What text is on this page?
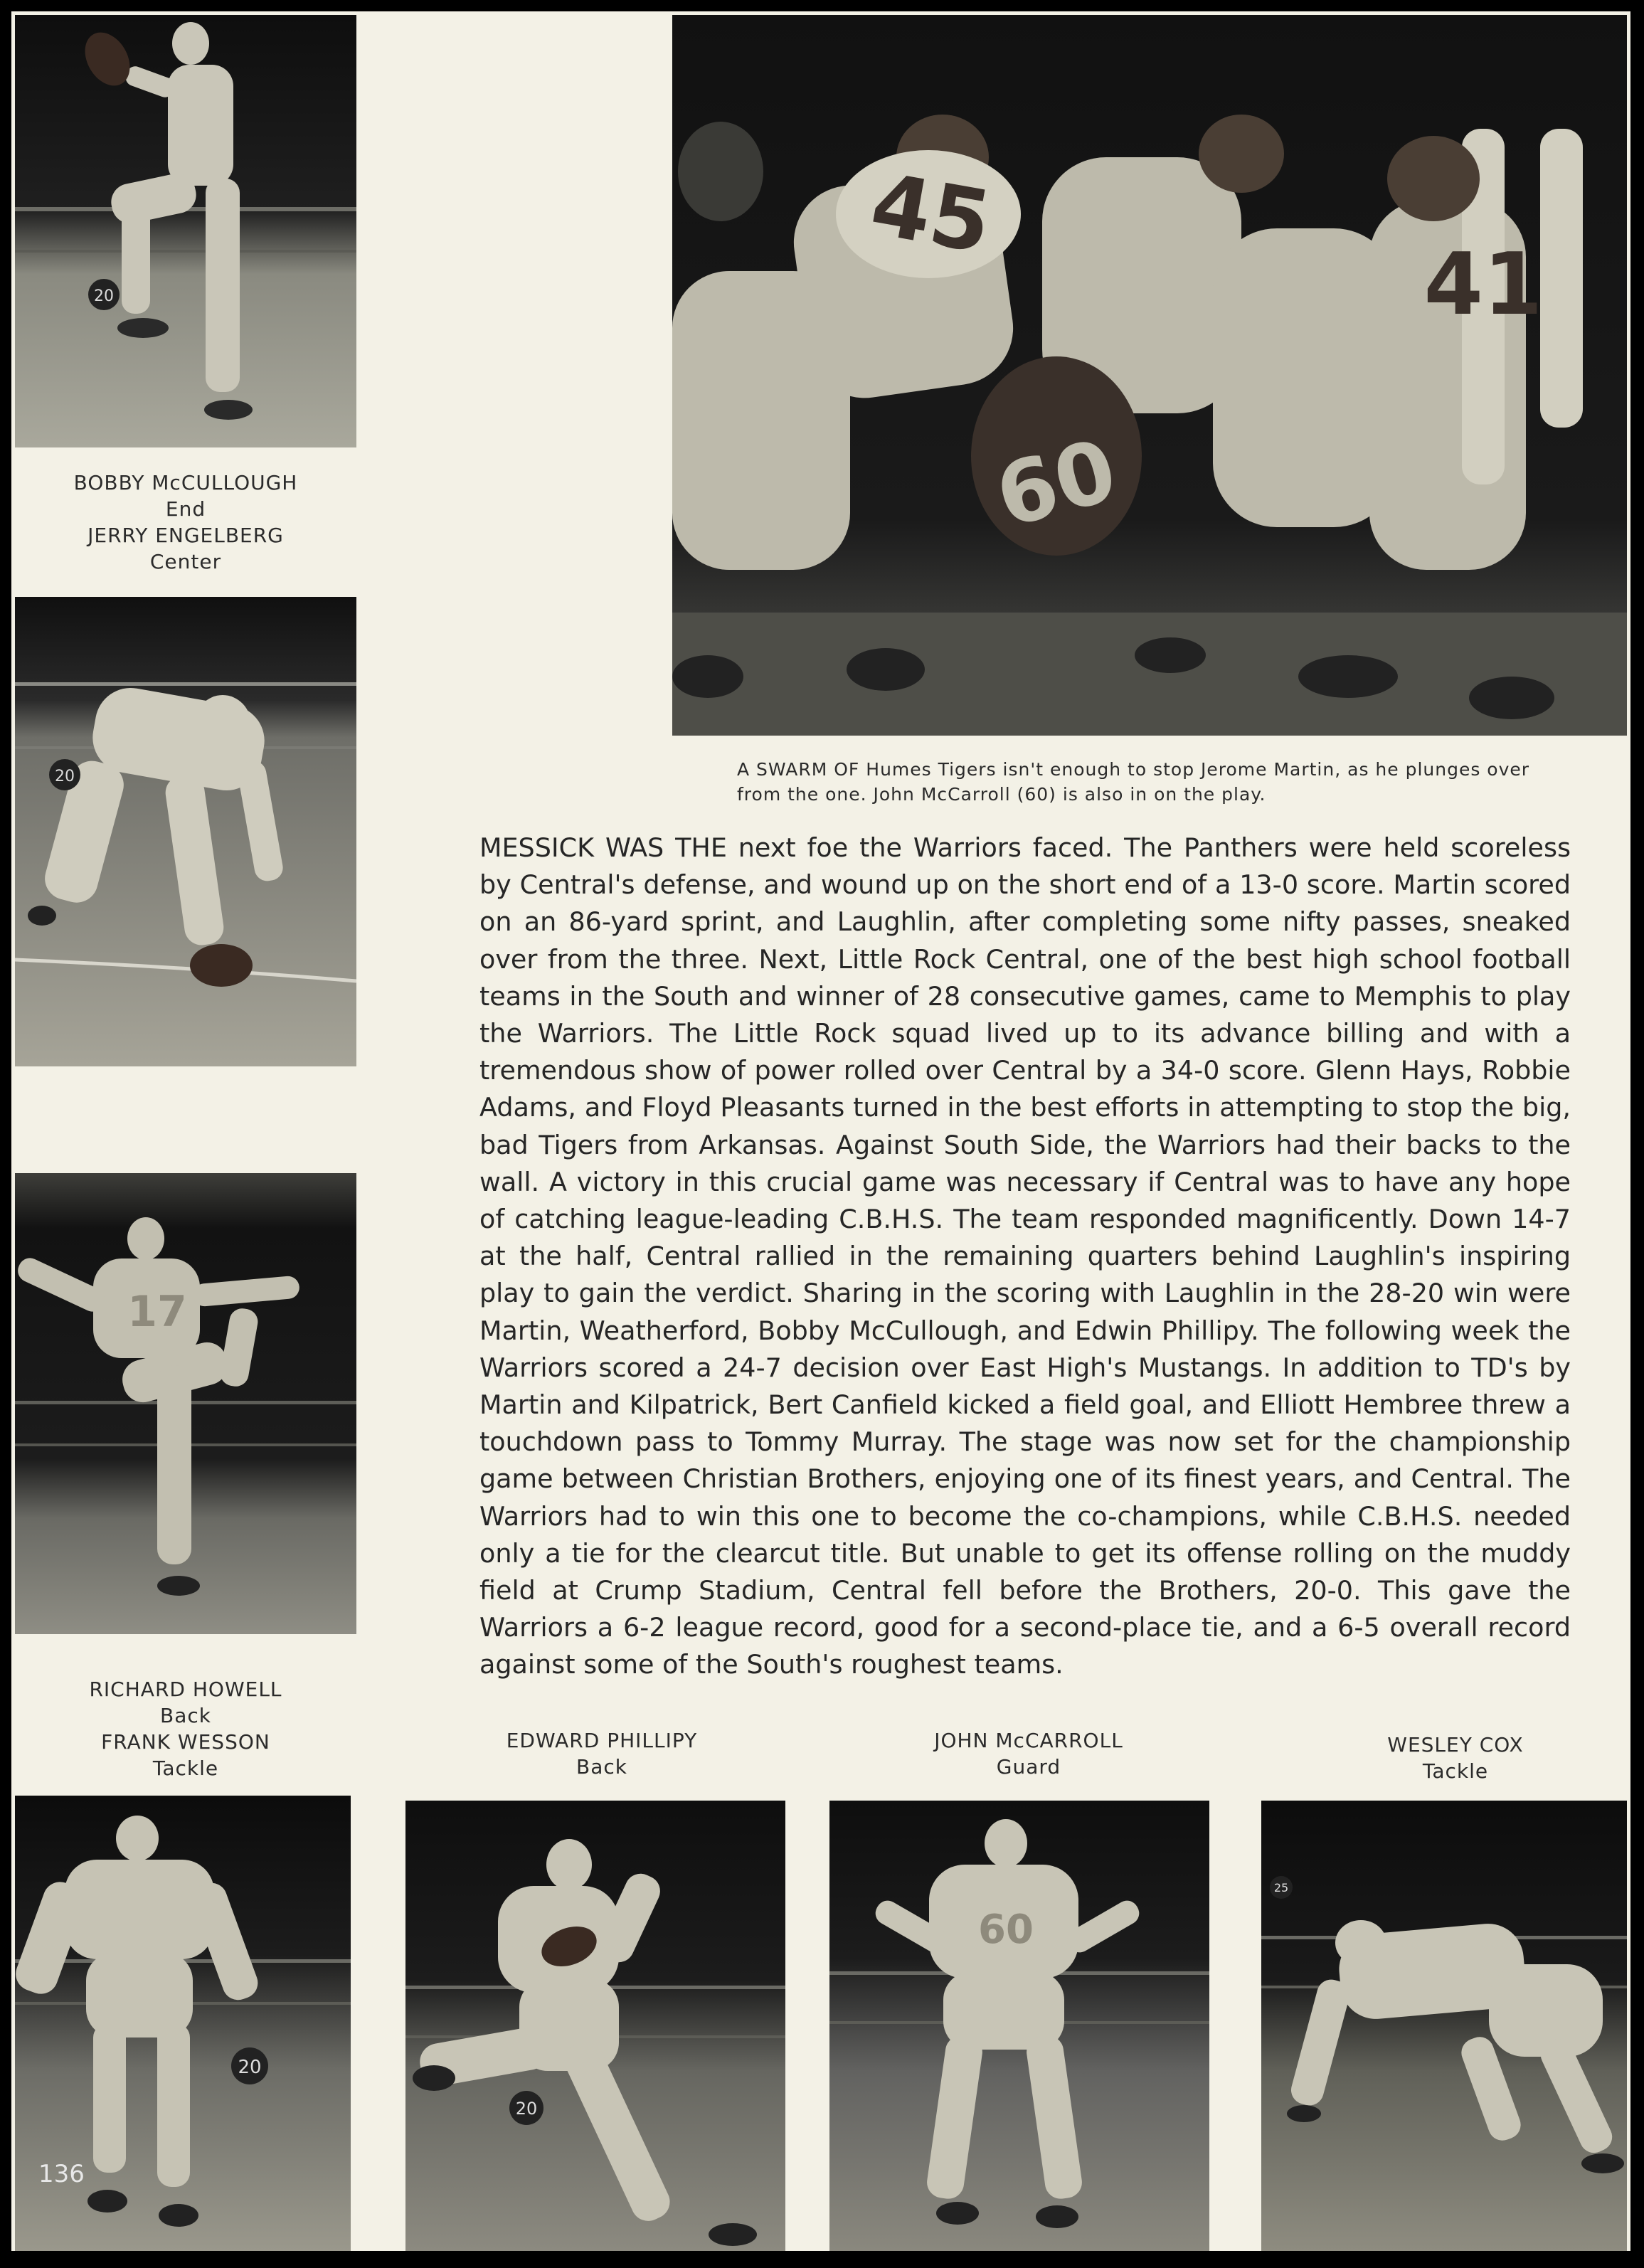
20
BOBBY McCULLOUGH
End
JERRY ENGELBERG
Center
20
17
RICHARD HOWELL
Back
FRANK WESSON
Tackle
20
136
45
60
41
A SWARM OF Humes Tigers isn't enough to stop Jerome Martin, as he plunges over from the one. John McCarroll (60) is also in on the play.
MESSICK WAS THE next foe the Warriors faced. The Panthers were held scoreless by Central's defense, and wound up on the short end of a 13-0 score. Martin scored on an 86-yard sprint, and Laughlin, after completing some nifty passes, sneaked over from the three. Next, Little Rock Central, one of the best high school football teams in the South and winner of 28 consecutive games, came to Memphis to play the Warriors. The Little Rock squad lived up to its advance billing and with a tremendous show of power rolled over Central by a 34-0 score. Glenn Hays, Robbie Adams, and Floyd Pleasants turned in the best efforts in attempting to stop the big, bad Tigers from Arkansas. Against South Side, the Warriors had their backs to the wall. A victory in this crucial game was necessary if Central was to have any hope of catching league-leading C.B.H.S. The team responded magnificently. Down 14-7 at the half, Central rallied in the remaining quarters behind Laughlin's inspiring play to gain the verdict. Sharing in the scoring with Laughlin in the 28-20 win were Martin, Weatherford, Bobby McCullough, and Edwin Phillipy. The following week the Warriors scored a 24-7 decision over East High's Mustangs. In addition to TD's by Martin and Kilpatrick, Bert Canfield kicked a field goal, and Elliott Hembree threw a touchdown pass to Tommy Murray. The stage was now set for the championship game between Christian Brothers, enjoying one of its finest years, and Central. The Warriors had to win this one to become the co-champions, while C.B.H.S. needed only a tie for the clearcut title. But unable to get its offense rolling on the muddy field at Crump Stadium, Central fell before the Brothers, 20-0. This gave the Warriors a 6-2 league record, good for a second-place tie, and a 6-5 overall record against some of the South's roughest teams.
EDWARD PHILLIPY
Back
JOHN McCARROLL
Guard
WESLEY COX
Tackle
20
60
25
